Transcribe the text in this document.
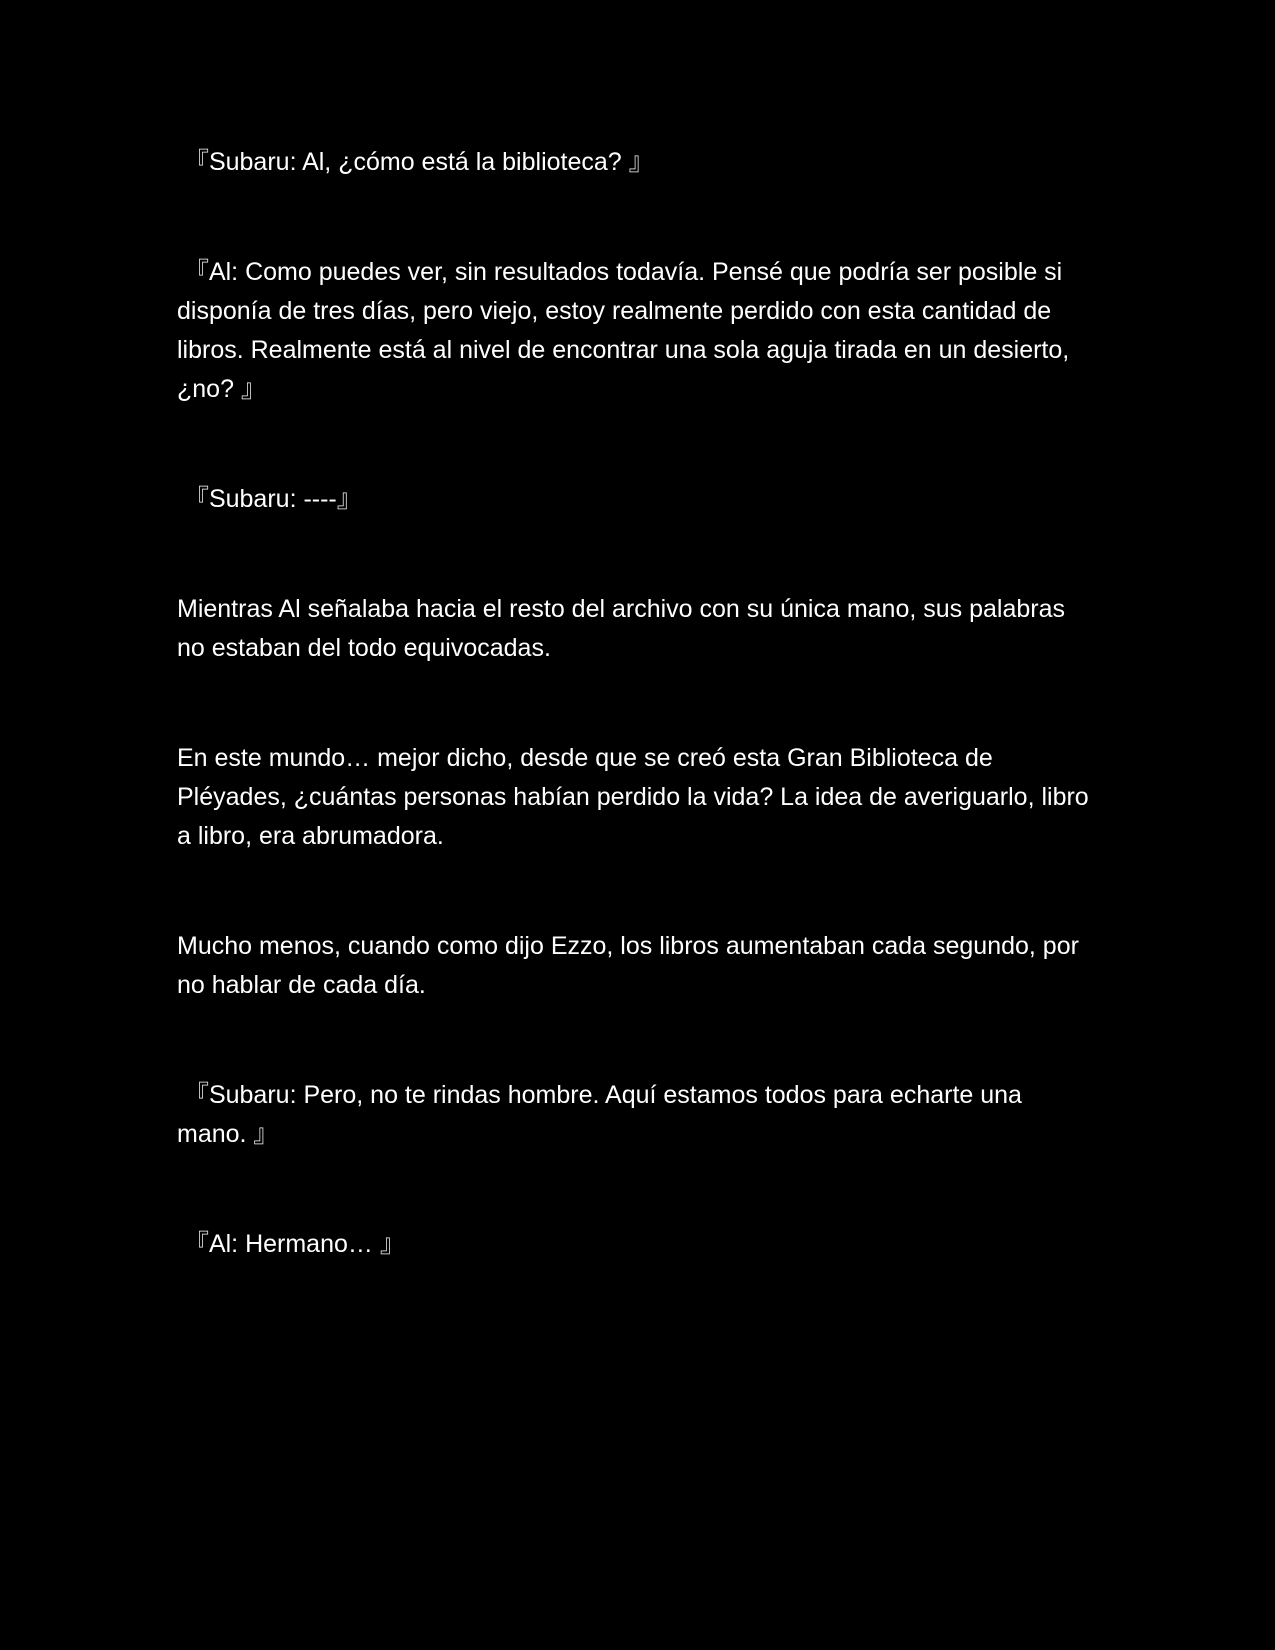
『Subaru: Al, ¿cómo está la biblioteca? 』

『Al: Como puedes ver, sin resultados todavía. Pensé que podría ser posible si disponía de tres días, pero viejo, estoy realmente perdido con esta cantidad de libros. Realmente está al nivel de encontrar una sola aguja tirada en un desierto, ¿no? 』

『Subaru: ----』

Mientras Al señalaba hacia el resto del archivo con su única mano, sus palabras no estaban del todo equivocadas.

En este mundo… mejor dicho, desde que se creó esta Gran Biblioteca de Pléyades, ¿cuántas personas habían perdido la vida? La idea de averiguarlo, libro a libro, era abrumadora.

Mucho menos, cuando como dijo Ezzo, los libros aumentaban cada segundo, por no hablar de cada día.

『Subaru: Pero, no te rindas hombre. Aquí estamos todos para echarte una mano. 』

『Al: Hermano… 』
